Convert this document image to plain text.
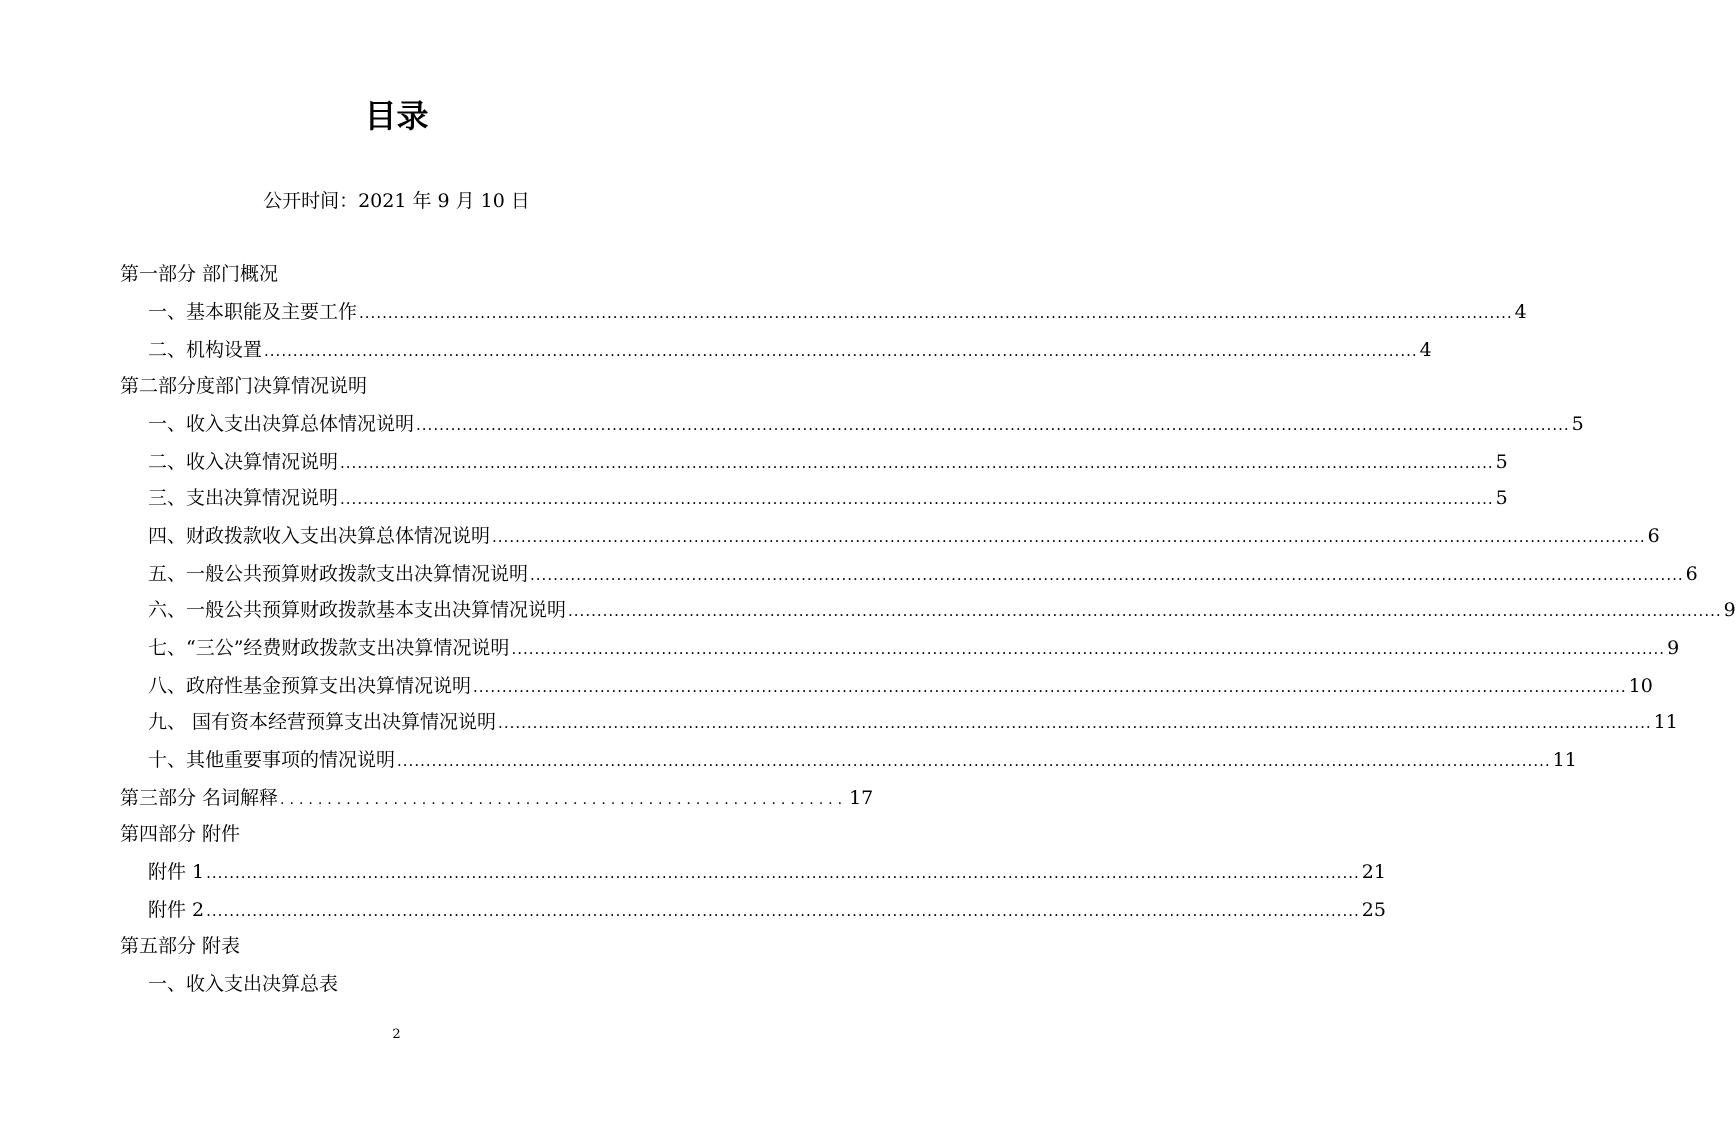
目录
公开时间：2021 年 9 月 10 日
第一部分 部门概况
一、基本职能及主要工作 ........................................................................................................................................................................................................ 4
二、机构设置 ........................................................................................................................................................................................................ 4
第二部分度部门决算情况说明
一、收入支出决算总体情况说明 ........................................................................................................................................................................................................ 5
二、收入决算情况说明 ........................................................................................................................................................................................................ 5
三、支出决算情况说明 ........................................................................................................................................................................................................ 5
四、财政拨款收入支出决算总体情况说明 ........................................................................................................................................................................................................ 6
五、一般公共预算财政拨款支出决算情况说明 ........................................................................................................................................................................................................ 6
六、一般公共预算财政拨款基本支出决算情况说明 ........................................................................................................................................................................................................ 9
七、“三公”经费财政拨款支出决算情况说明 ........................................................................................................................................................................................................ 9
八、政府性基金预算支出决算情况说明 ........................................................................................................................................................................................................ 10
九、 国有资本经营预算支出决算情况说明 ........................................................................................................................................................................................................ 11
十、其他重要事项的情况说明 ........................................................................................................................................................................................................ 11
第三部分 名词解释 ............................................................ 17
第四部分 附件
附件 1 ........................................................................................................................................................................................................ 21
附件 2 ........................................................................................................................................................................................................ 25
第五部分 附表
一、收入支出决算总表
2
